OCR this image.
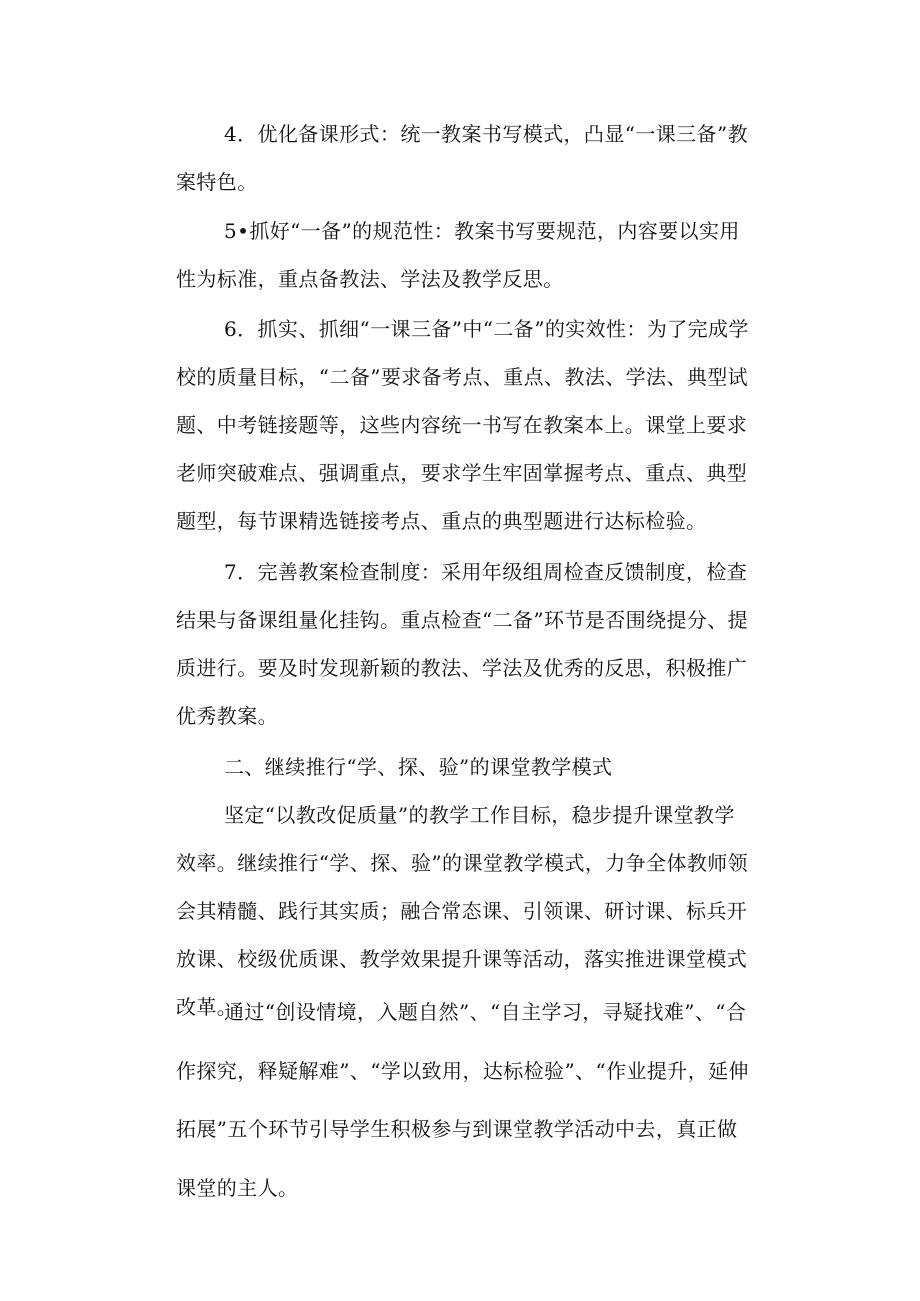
4．优化备课形式：统一教案书写模式，凸显“一课三备”教案特色。

5•抓好“一备”的规范性：教案书写要规范，内容要以实用性为标准，重点备教法、学法及教学反思。

6．抓实、抓细“一课三备”中“二备”的实效性：为了完成学校的质量目标，“二备”要求备考点、重点、教法、学法、典型试题、中考链接题等，这些内容统一书写在教案本上。课堂上要求老师突破难点、强调重点，要求学生牢固掌握考点、重点、典型题型，每节课精选链接考点、重点的典型题进行达标检验。

7．完善教案检查制度：采用年级组周检查反馈制度，检查结果与备课组量化挂钩。重点检查“二备”环节是否围绕提分、提质进行。要及时发现新颖的教法、学法及优秀的反思，积极推广优秀教案。

二、继续推行“学、探、验”的课堂教学模式

坚定“以教改促质量”的教学工作目标，稳步提升课堂教学效率。继续推行“学、探、验”的课堂教学模式，力争全体教师领会其精髓、践行其实质；融合常态课、引领课、研讨课、标兵开放课、校级优质课、教学效果提升课等活动，落实推进课堂模式改革。

通过“创设情境，入题自然”、“自主学习，寻疑找难”、“合作探究，释疑解难”、“学以致用，达标检验”、“作业提升，延伸拓展”五个环节引导学生积极参与到课堂教学活动中去，真正做课堂的主人。
